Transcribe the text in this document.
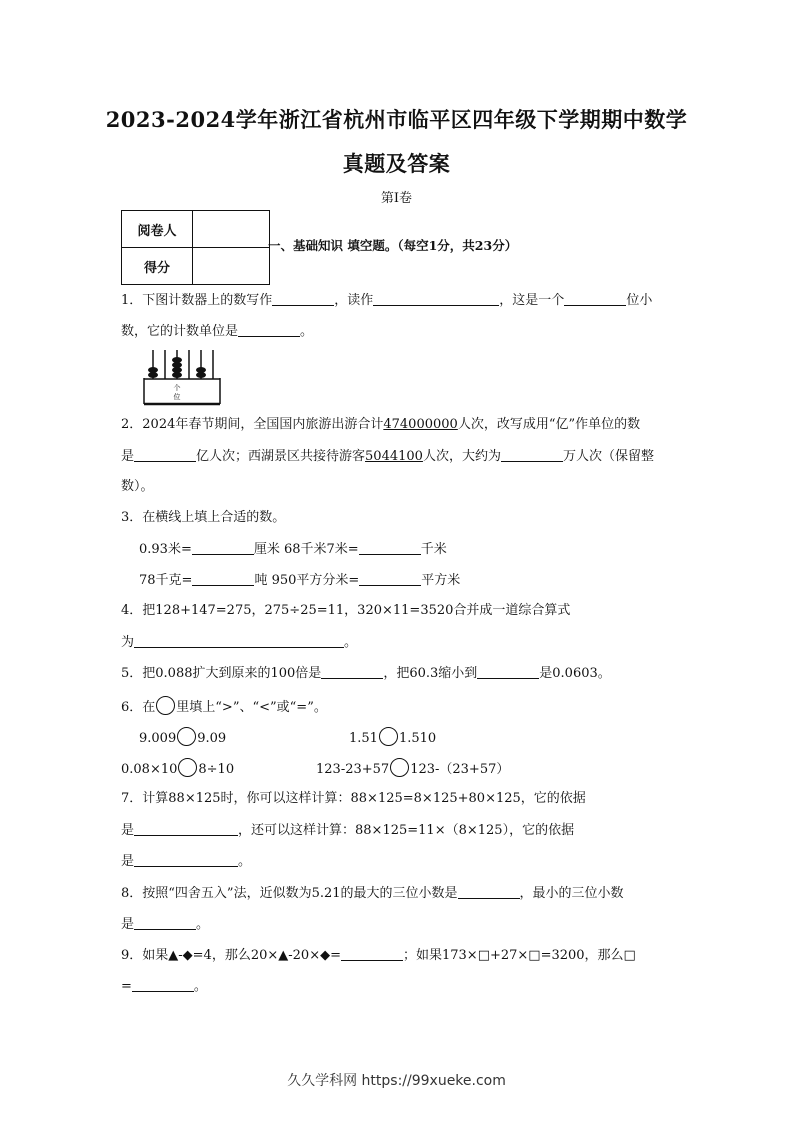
2023-2024学年浙江省杭州市临平区四年级下学期期中数学
真题及答案
第Ⅰ卷
阅卷人	
得分	
一、基础知识 填空题。（每空1分，共23分）
1．下图计数器上的数写作	，读作	，这是一个	位小
数，它的计数单位是	。
个
位
2．2024年春节期间，全国国内旅游出游合计474000000人次，改写成用“亿”作单位的数
是	亿人次；西湖景区共接待游客5044100人次，大约为	万人次（保留整
数）。
3．在横线上填上合适的数。
0.93米=	厘米 68千米7米=	千米
78千克=	吨 950平方分米=	平方米
4．把128+147=275，275÷25=11，320×11=3520合并成一道综合算式
为	。
5．把0.088扩大到原来的100倍是	，把60.3缩小到	是0.0603。
6．在 里填上“>”、“<”或“=”。
9.009 9.09	1.51 1.510
0.08×10 8÷10	123-23+57 123-（23+57）
7．计算88×125时，你可以这样计算：88×125=8×125+80×125，它的依据
是	，还可以这样计算：88×125=11×（8×125），它的依据
是	。
8．按照“四舍五入”法，近似数为5.21的最大的三位小数是	，最小的三位小数
是	。
9．如果▲-◆=4，那么20×▲-20×◆=	；如果173×□+27×□=3200，那么□
=	。
久久学科网 https://99xueke.com
